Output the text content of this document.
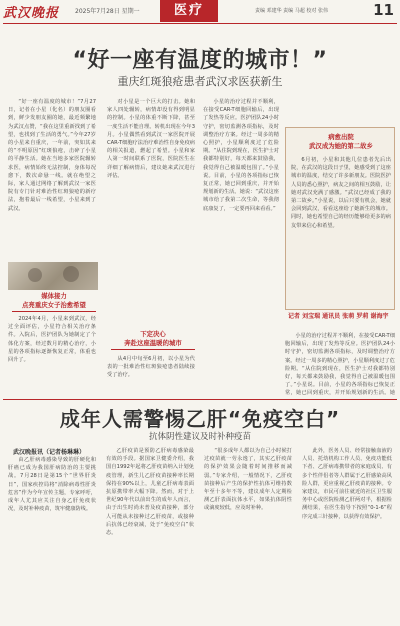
武汉晚报	2025年7月28日 星期一	医疗	责编 邓建华 责编 马超 校对 张伟	11
“好一座有温度的城市！”
重庆红斑狼疮患者武汉求医获新生

“好一座有温度的城市！”7月27日，记者在小星（化名）的朋友圈看到，鲜少发朋友圈的她，最近频繁地为武汉点赞，“我在这里重新找到了希望，也找到了生活的勇气。”今年27岁的小星来自重庆，一年前，突如其来的“不明原因”红斑狼疮，击碎了小星的平静生活。她在当地多家医院辗转求医，病情始终无法控制，身体每况愈下，数次命悬一线。就在绝望之际，家人通过网络了解到武汉一家医院有专门针对难治性红斑狼疮的新疗法，抱着最后一线希望，小星来到了武汉。

媒体接力
点亮重庆女子治愈希望

2024年4月，小星来到武汉，经过全面评估，小星符合相关治疗条件。入院后，医护团队为她制定了个体化方案，经过数月的精心治疗，小星的各项指标逐渐恢复正常，体重也回升了。

对小星是一个巨大的打击。她和家人四处辗转，病情却没有得到明显的控制。小星的体重不断下降，甚至一度生活不能自理。转机出现在今年3月。小星偶然看到武汉一家医院开展CAR-T细胞疗法治疗难治性自身免疫病的相关报道，燃起了希望。小星和家人第一时间联系了医院，医院医生在详细了解病情后，建议她来武汉进行评估。

下定决心
奔赴这座温暖的城市

从4月中旬至6月初，以小星为代表的一批难治性红斑狼疮患者陆续接受了治疗。

小星的治疗过程并不顺利，在接受CAR-T细胞回输后，出现了发热等反应。医护团队24小时守护，密切监测各项指标，及时调整治疗方案。经过一周多的精心照护，小星顺利度过了危险期。“从住院到现在，医生护士对我都特别好，每天都来鼓励我，我觉得自己被温暖包围了。”小星说。目前，小星的各项指标已恢复正常，她已回到重庆，并开始规划新的生活。她说：“武汉这座城市给了我第二次生命，等我彻底康复了，一定要再回来看看。”

病愈出院
武汉成为她的第二故乡

6月初，小星和其他几位患者先后出院，在武汉的这段日子里，她感受到了这座城市的温度，结交了许多新朋友。医院医护人员的悉心照护，病友之间的相互鼓励，让她对武汉充满了感激。“武汉已经成了我的第二故乡。”小星说，以后只要有机会，她就会回到武汉，看看这座给了她新生的城市。同时，她也希望自己的经历能够给更多的病友带来信心和希望。

记者 刘宝瑞 通讯员 张萌 罗莉 谢海宇

小星的治疗过程并不顺利，在接受CAR-T细胞回输后，出现了发热等反应。医护团队24小时守护，密切监测各项指标，及时调整治疗方案。经过一周多的精心照护，小星顺利度过了危险期。“从住院到现在，医生护士对我都特别好，每天都来鼓励我，我觉得自己被温暖包围了。”小星说。目前，小星的各项指标已恢复正常，她已回到重庆，并开始规划新的生活。她

成年人需警惕乙肝“免疫空白”
抗体阴性建议及时补种疫苗
武汉晚报讯（记者杨琳琳）

由乙肝病毒感染导致的肝硬化和肝癌已成为我国肝病防治的主要挑战。7月28日是第15个“世界肝炎日”，国家疾控局将“消除病毒性肝炎危害”作为今年宣传主题，专家呼吁，成年人尤其应关注自身乙肝免疫状况，及时补种疫苗，筑牢健康防线。

乙肝疫苗是预防乙肝病毒感染最有效的手段。据国家卫健委介绍，我国自1992年起将乙肝疫苗纳入计划免疫管理，新生儿乙肝疫苗接种率长期保持在90%以上，儿童乙肝病毒表面抗原携带率大幅下降。然而，对于上世纪90年代以前出生的成年人而言，由于出生时尚未普及疫苗接种，部分人可能从未接种过乙肝疫苗，或接种后抗体已经衰减，处于“免疫空白”状态。

“很多成年人都以为自己小时候打过疫苗就一劳永逸了，其实乙肝疫苗的保护效果会随着时间推移而减弱。”专家介绍，一般情况下，乙肝疫苗接种后产生的保护性抗体可维持数年至十多年不等，建议成年人定期检测乙肝表面抗体水平，如果抗体阴性或滴度较低，应及时补种。

此外，医务人员、经常接触血液的人员、托幼机构工作人员、免疫功能低下者、乙肝病毒携带者的家庭成员、有多个性伴侣者等人群属于乙肝感染高风险人群，更应重视乙肝疫苗的接种。专家建议，市民可前往就近的社区卫生服务中心或医院检测乙肝两对半，根据检测结果，在医生指导下按照“0-1-6”程序完成三针接种，以获得有效保护。
